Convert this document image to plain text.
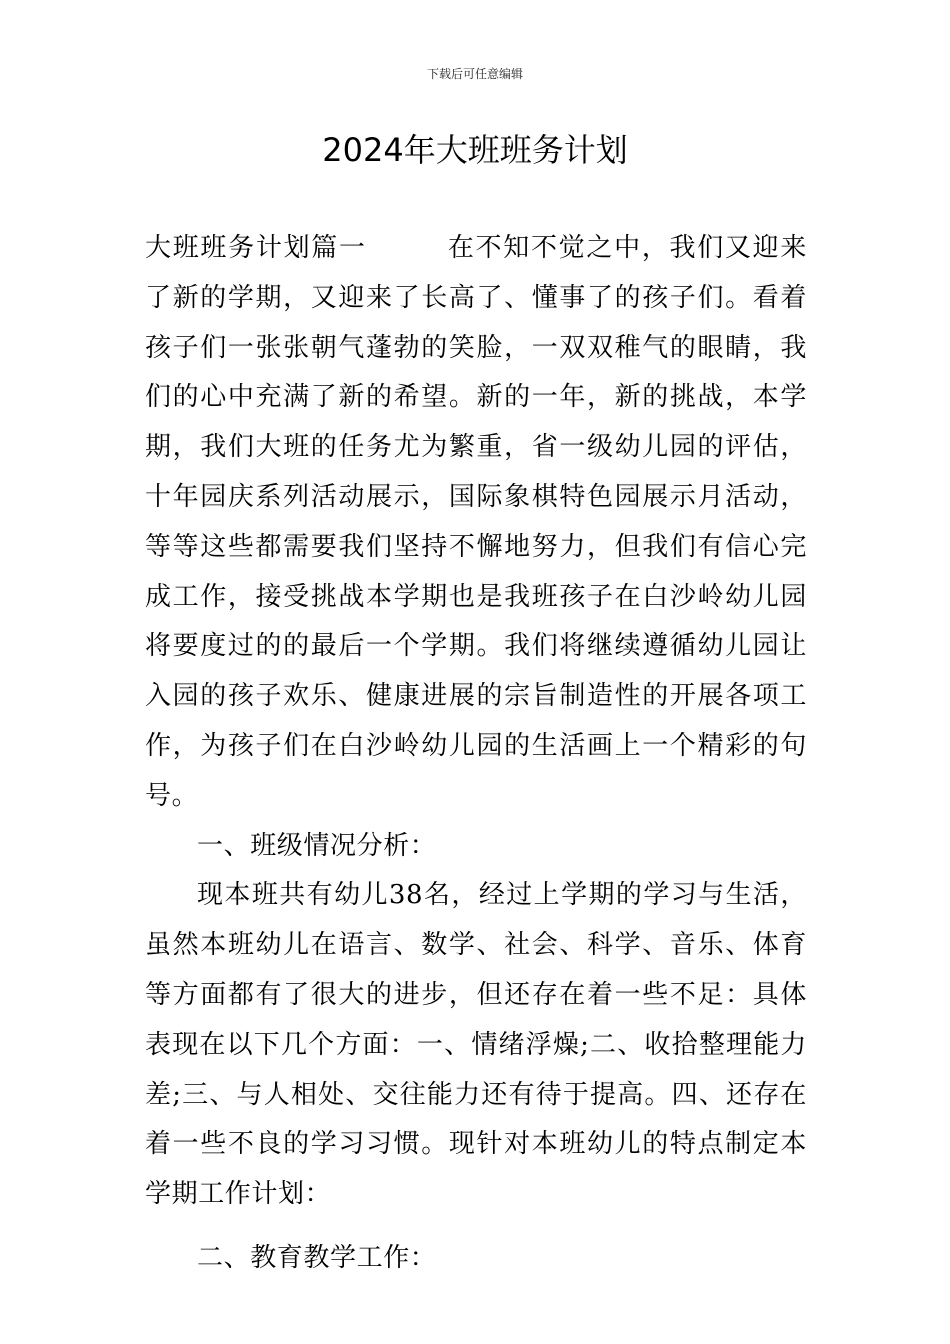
下载后可任意编辑
2024年大班班务计划

大班班务计划篇一	在不知不觉之中，我们又迎来了新的学期，又迎来了长高了、懂事了的孩子们。看着孩子们一张张朝气蓬勃的笑脸，一双双稚气的眼睛，我们的心中充满了新的希望。新的一年，新的挑战，本学期，我们大班的任务尤为繁重，省一级幼儿园的评估，十年园庆系列活动展示，国际象棋特色园展示月活动，等等这些都需要我们坚持不懈地努力，但我们有信心完成工作，接受挑战本学期也是我班孩子在白沙岭幼儿园将要度过的的最后一个学期。我们将继续遵循幼儿园让入园的孩子欢乐、健康进展的宗旨制造性的开展各项工作，为孩子们在白沙岭幼儿园的生活画上一个精彩的句号。

一、班级情况分析：

现本班共有幼儿38名，经过上学期的学习与生活，虽然本班幼儿在语言、数学、社会、科学、音乐、体育等方面都有了很大的进步，但还存在着一些不足：具体表现在以下几个方面：一、情绪浮燥;二、收拾整理能力差;三、与人相处、交往能力还有待于提高。四、还存在着一些不良的学习习惯。现针对本班幼儿的特点制定本学期工作计划：

二、教育教学工作：
